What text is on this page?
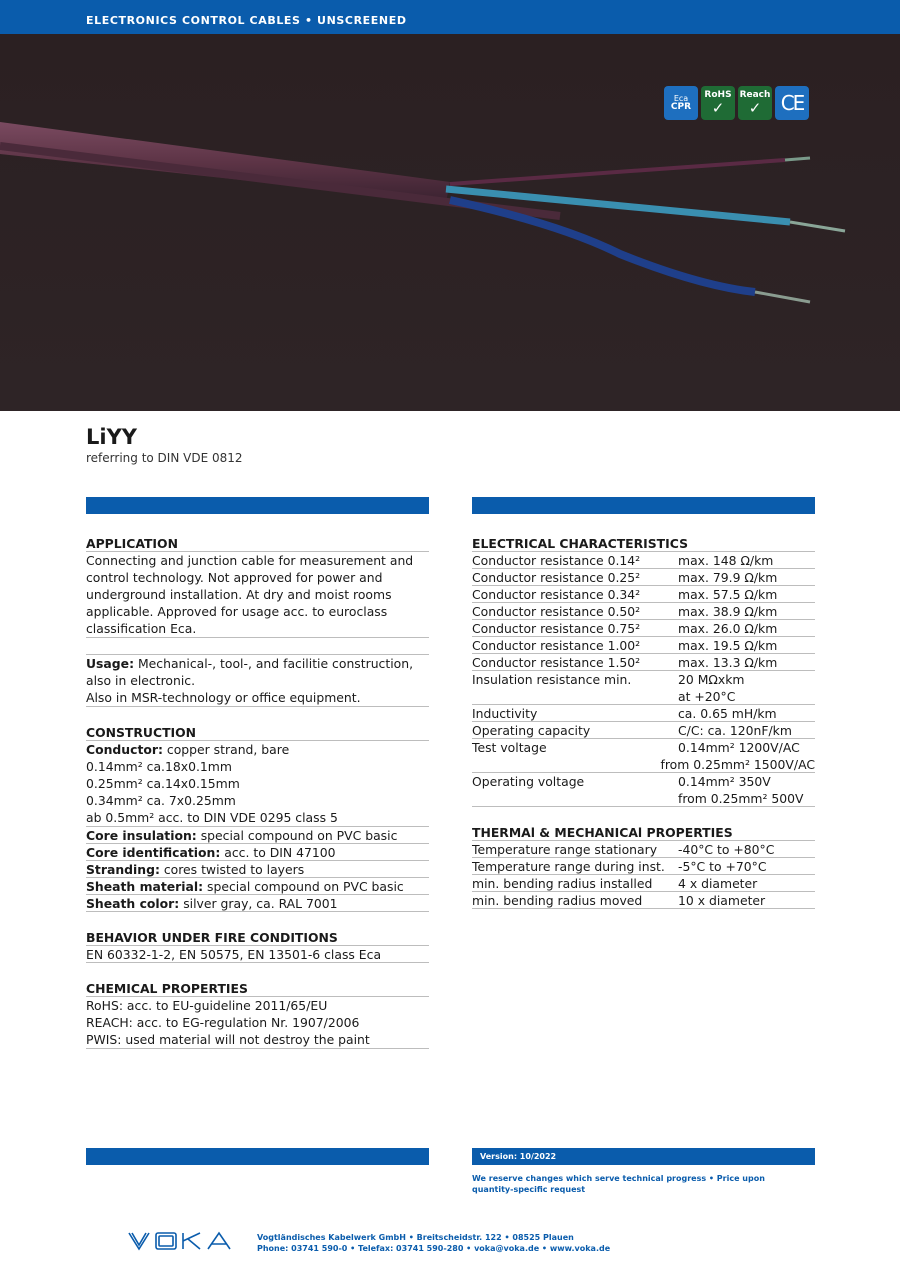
ELECTRONICS CONTROL CABLES • UNSCREENED
Eca
CPR
RoHS
✓
Reach
✓ CE
LiYY
referring to DIN VDE 0812
APPLICATION
Connecting and junction cable for measurement and
control technology. Not approved for power and
underground installation. At dry and moist rooms
applicable. Approved for usage acc. to euroclass
classification Eca.
Usage: Mechanical-, tool-, and facilitie construction,
also in electronic.
Also in MSR-technology or office equipment.
CONSTRUCTION
Conductor: copper strand, bare
0.14mm² ca.18x0.1mm
0.25mm² ca.14x0.15mm
0.34mm² ca. 7x0.25mm
ab 0.5mm² acc. to DIN VDE 0295 class 5
Core insulation: special compound on PVC basic
Core identification: acc. to DIN 47100
Stranding: cores twisted to layers
Sheath material: special compound on PVC basic
Sheath color: silver gray, ca. RAL 7001
BEHAVIOR UNDER FIRE CONDITIONS
EN 60332-1-2, EN 50575, EN 13501-6 class Eca
CHEMICAL PROPERTIES
RoHS: acc. to EU-guideline 2011/65/EU
REACH: acc. to EG-regulation Nr. 1907/2006
PWIS: used material will not destroy the paint
ELECTRICAL CHARACTERISTICS
Conductor resistance 0.14²	max. 148 Ω/km
Conductor resistance 0.25²	max. 79.9 Ω/km
Conductor resistance 0.34²	max. 57.5 Ω/km
Conductor resistance 0.50²	max. 38.9 Ω/km
Conductor resistance 0.75²	max. 26.0 Ω/km
Conductor resistance 1.00²	max. 19.5 Ω/km
Conductor resistance 1.50²	max. 13.3 Ω/km
Insulation resistance min.	20 MΩxkm
at +20°C
Inductivity	ca. 0.65 mH/km
Operating capacity	C/C: ca. 120nF/km
Test voltage	0.14mm² 1200V/AC
from 0.25mm² 1500V/AC
Operating voltage	0.14mm² 350V
from 0.25mm² 500V
THERMAl & MECHANICAl PROPERTIES
Temperature range stationary	-40°C to +80°C
Temperature range during inst.	-5°C to +70°C
min. bending radius installed	4 x diameter
min. bending radius moved	10 x diameter
Version: 10/2022
We reserve changes which serve technical progress • Price upon quantity-specific request
VOKA
Vogtländisches Kabelwerk GmbH • Breitscheidstr. 122 • 08525 Plauen
Phone: 03741 590-0 • Telefax: 03741 590-280 • voka@voka.de • www.voka.de
